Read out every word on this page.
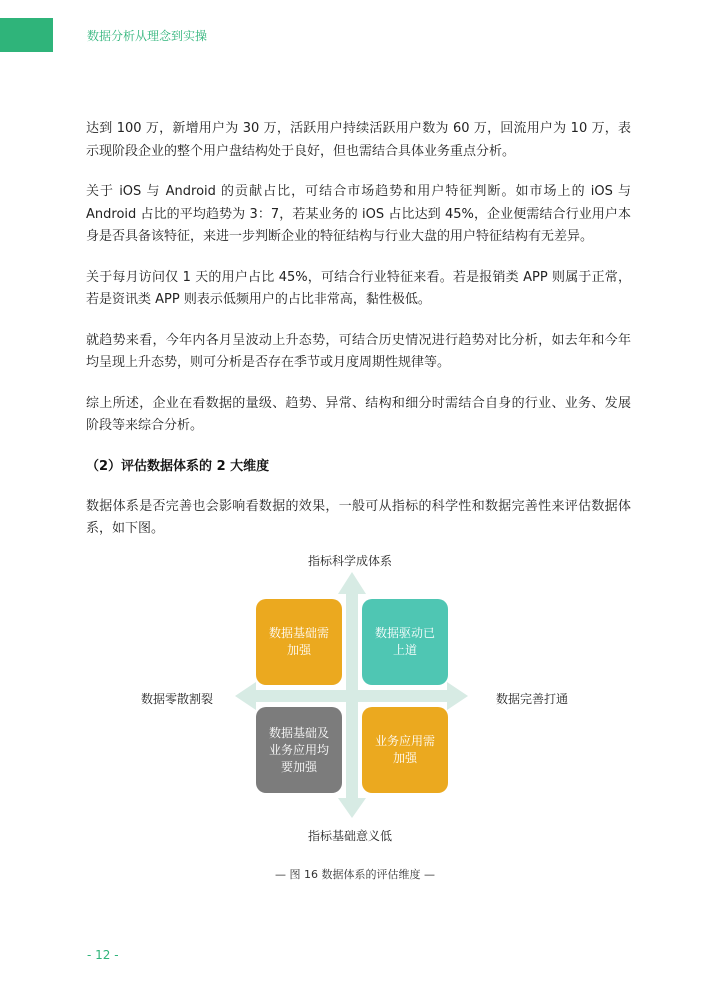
数据分析从理念到实操

达到 100 万，新增用户为 30 万，活跃用户持续活跃用户数为 60 万，回流用户为 10 万，表示现阶段企业的整个用户盘结构处于良好，但也需结合具体业务重点分析。

关于 iOS 与 Android 的贡献占比，可结合市场趋势和用户特征判断。如市场上的 iOS 与 Android 占比的平均趋势为 3：7，若某业务的 iOS 占比达到 45%，企业便需结合行业用户本身是否具备该特征，来进一步判断企业的特征结构与行业大盘的用户特征结构有无差异。

关于每月访问仅 1 天的用户占比 45%，可结合行业特征来看。若是报销类 APP 则属于正常，若是资讯类 APP 则表示低频用户的占比非常高，黏性极低。

就趋势来看，今年内各月呈波动上升态势，可结合历史情况进行趋势对比分析，如去年和今年均呈现上升态势，则可分析是否存在季节或月度周期性规律等。

综上所述，企业在看数据的量级、趋势、异常、结构和细分时需结合自身的行业、业务、发展阶段等来综合分析。

（2）评估数据体系的 2 大维度

数据体系是否完善也会影响看数据的效果，一般可从指标的科学性和数据完善性来评估数据体系，如下图。

指标科学成体系
指标基础意义低
数据零散割裂	数据完善打通
数据基础需加强
数据驱动已上道
数据基础及业务应用均要加强
业务应用需加强
— 图 16 数据体系的评估维度 —
- 12 -
